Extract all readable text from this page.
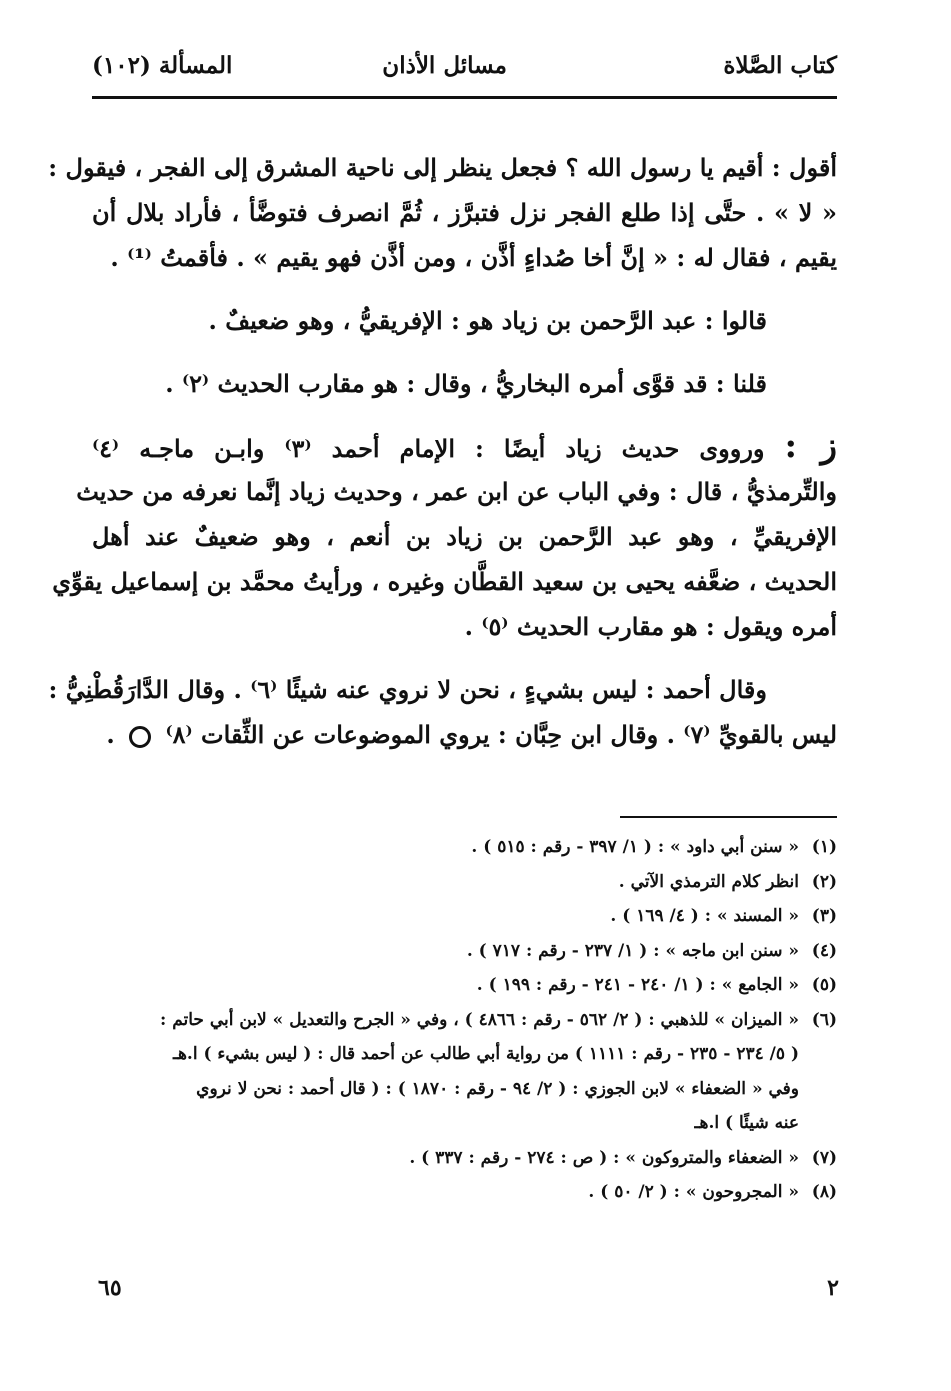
كتاب الصَّلاة
مسائل الأذان
المسألة (١٠٢)
أقول : أقيم يا رسول الله ؟ فجعل ينظر إلى ناحية المشرق إلى الفجر ، فيقول :
« لا » . حتَّى إذا طلع الفجر نزل فتبرَّز ، ثُمَّ انصرف فتوضَّأ ، فأراد بلال أن
يقيم ، فقال له : « إنَّ أخا صُداءٍ أذَّن ، ومن أذَّن فهو يقيم » . فأقمتُ ⁽¹⁾ .
قالوا : عبد الرَّحمن بن زياد هو : الإفريقيُّ ، وهو ضعيفٌ .
قلنا : قد قوَّى أمره البخاريُّ ، وقال : هو مقارب الحديث ⁽٢⁾ .
ز : ورووى حديث زياد أيضًا : الإمام أحمد ⁽٣⁾ وابـن ماجـه ⁽٤⁾
والتِّرمذيُّ ، قال : وفي الباب عن ابن عمر ، وحديث زياد إنَّما نعرفه من حديث
الإفريقيِّ ، وهو عبد الرَّحمن بن زياد بن أنعم ، وهو ضعيفٌ عند أهل
الحديث ، ضعَّفه يحيى بن سعيد القطَّان وغيره ، ورأيتُ محمَّد بن إسماعيل يقوِّي
أمره ويقول : هو مقارب الحديث ⁽٥⁾ .
وقال أحمد : ليس بشيءٍ ، نحن لا نروي عنه شيئًا ⁽٦⁾ . وقال الدَّارَقُطْنِيُّ :
ليس بالقويِّ ⁽٧⁾ . وقال ابن حِبَّان : يروي الموضوعات عن الثِّقات ⁽٨⁾  .
(١)« سنن أبي داود » : ( ١/ ٣٩٧ - رقم : ٥١٥ ) .
(٢)انظر كلام الترمذي الآتي .
(٣)« المسند » : ( ٤/ ١٦٩ ) .
(٤)« سنن ابن ماجه » : ( ١/ ٢٣٧ - رقم : ٧١٧ ) .
(٥)« الجامع » : ( ١/ ٢٤٠ - ٢٤١ - رقم : ١٩٩ ) .
(٦)« الميزان » للذهبي : ( ٢/ ٥٦٢ - رقم : ٤٨٦٦ ) ، وفي « الجرح والتعديل » لابن أبي حاتم :
( ٥/ ٢٣٤ - ٢٣٥ - رقم : ١١١١ ) من رواية أبي طالب عن أحمد قال : ( ليس بشيء ) ا.هـ
وفي « الضعفاء » لابن الجوزي : ( ٢/ ٩٤ - رقم : ١٨٧٠ ) : ( قال أحمد : نحن لا نروي
عنه شيئًا ) ا.هـ
(٧)« الضعفاء والمتروكون » : ( ص : ٢٧٤ - رقم : ٣٣٧ ) .
(٨)« المجروحون » : ( ٢/ ٥٠ ) .
٢
٦٥
